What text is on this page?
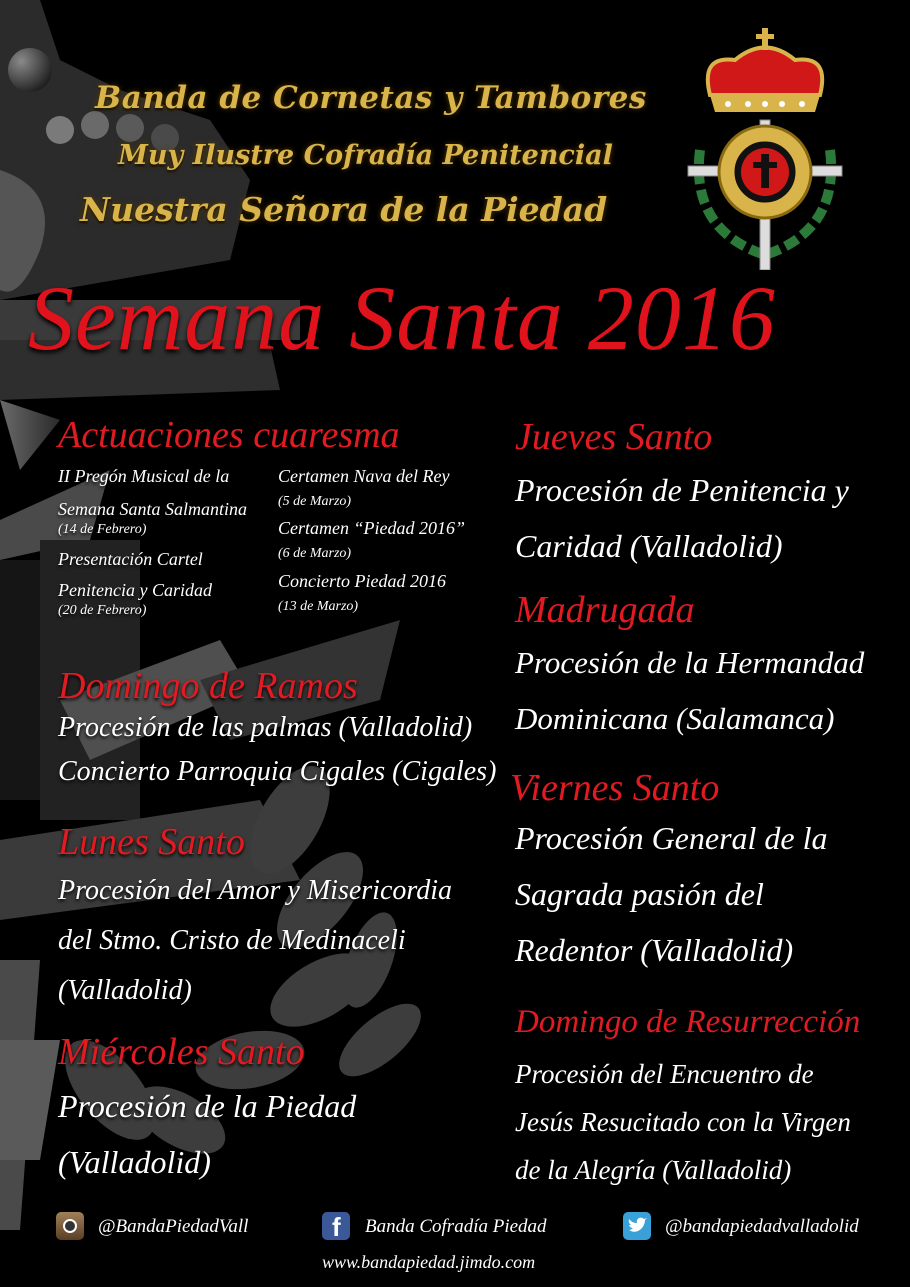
Banda de Cornetas y Tambores
Muy Ilustre Cofradía Penitencial
Nuestra Señora de la Piedad
Semana Santa 2016
Actuaciones cuaresma
II Pregón Musical de la
Semana Santa Salmantina
(14 de Febrero)
Presentación Cartel
Penitencia y Caridad
(20 de Febrero)
Certamen Nava del Rey
(5 de Marzo)
Certamen “Piedad 2016”
(6 de Marzo)
Concierto Piedad 2016
(13 de Marzo)
Domingo de Ramos
Procesión de las palmas (Valladolid)
Concierto Parroquia Cigales (Cigales)
Lunes Santo
Procesión del Amor y Misericordia
del Stmo. Cristo de Medinaceli
(Valladolid)
Miércoles Santo
Procesión de la Piedad
(Valladolid)
Jueves Santo
Procesión de Penitencia y
Caridad (Valladolid)
Madrugada
Procesión de la Hermandad
Dominicana (Salamanca)
Viernes Santo
Procesión General de la
Sagrada pasión del
Redentor (Valladolid)
Domingo de Resurrección
Procesión del Encuentro de
Jesús Resucitado con la Virgen
de la Alegría (Valladolid)
@BandaPiedadVall	f Banda Cofradía Piedad	@bandapiedadvalladolid
www.bandapiedad.jimdo.com
